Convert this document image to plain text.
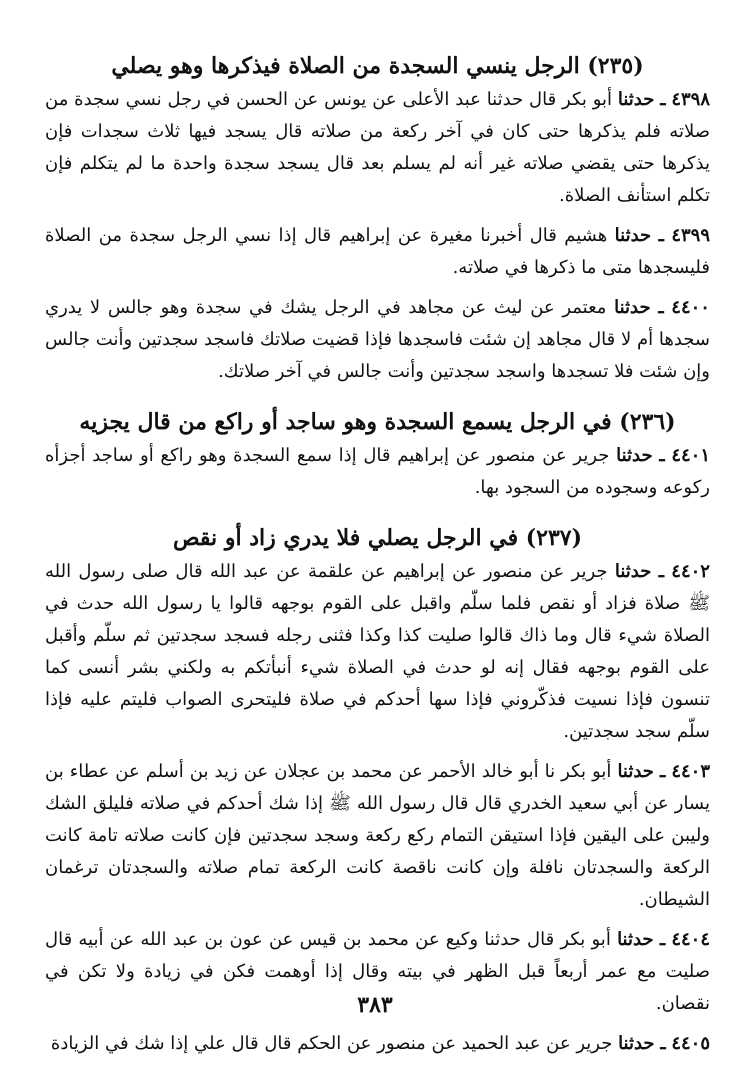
(٢٣٥) الرجل ينسي السجدة من الصلاة فيذكرها وهو يصلي

٤٣٩٨ ـ حدثنا أبو بكر قال حدثنا عبد الأعلى عن يونس عن الحسن في رجل نسي سجدة من صلاته فلم يذكرها حتى كان في آخر ركعة من صلاته قال يسجد فيها ثلاث سجدات فإن يذكرها حتى يقضي صلاته غير أنه لم يسلم بعد قال يسجد سجدة واحدة ما لم يتكلم فإن تكلم استأنف الصلاة.

٤٣٩٩ ـ حدثنا هشيم قال أخبرنا مغيرة عن إبراهيم قال إذا نسي الرجل سجدة من الصلاة فليسجدها متى ما ذكرها في صلاته.

٤٤٠٠ ـ حدثنا معتمر عن ليث عن مجاهد في الرجل يشك في سجدة وهو جالس لا يدري سجدها أم لا قال مجاهد إن شئت فاسجدها فإذا قضيت صلاتك فاسجد سجدتين وأنت جالس وإن شئت فلا تسجدها واسجد سجدتين وأنت جالس في آخر صلاتك.

(٢٣٦) في الرجل يسمع السجدة وهو ساجد أو راكع من قال يجزيه

٤٤٠١ ـ حدثنا جرير عن منصور عن إبراهيم قال إذا سمع السجدة وهو راكع أو ساجد أجزأه ركوعه وسجوده من السجود بها.

(٢٣٧) في الرجل يصلي فلا يدري زاد أو نقص

٤٤٠٢ ـ حدثنا جرير عن منصور عن إبراهيم عن علقمة عن عبد الله قال صلى رسول الله ﷺ صلاة فزاد أو نقص فلما سلّم واقبل على القوم بوجهه قالوا يا رسول الله حدث في الصلاة شيء قال وما ذاك قالوا صليت كذا وكذا فثنى رجله فسجد سجدتين ثم سلّم وأقبل على القوم بوجهه فقال إنه لو حدث في الصلاة شيء أنبأتكم به ولكني بشر أنسى كما تنسون فإذا نسيت فذكّروني فإذا سها أحدكم في صلاة فليتحرى الصواب فليتم عليه فإذا سلّم سجد سجدتين.

٤٤٠٣ ـ حدثنا أبو بكر نا أبو خالد الأحمر عن محمد بن عجلان عن زيد بن أسلم عن عطاء بن يسار عن أبي سعيد الخدري قال قال رسول الله ﷺ إذا شك أحدكم في صلاته فليلق الشك وليبن على اليقين فإذا استيقن التمام ركع ركعة وسجد سجدتين فإن كانت صلاته تامة كانت الركعة والسجدتان نافلة وإن كانت ناقصة كانت الركعة تمام صلاته والسجدتان ترغمان الشيطان.

٤٤٠٤ ـ حدثنا أبو بكر قال حدثنا وكيع عن محمد بن قيس عن عون بن عبد الله عن أبيه قال صليت مع عمر أربعاً قبل الظهر في بيته وقال إذا أوهمت فكن في زيادة ولا تكن في نقصان.

٤٤٠٥ ـ حدثنا جرير عن عبد الحميد عن منصور عن الحكم قال قال علي إذا شك في الزيادة

٣٨٣
